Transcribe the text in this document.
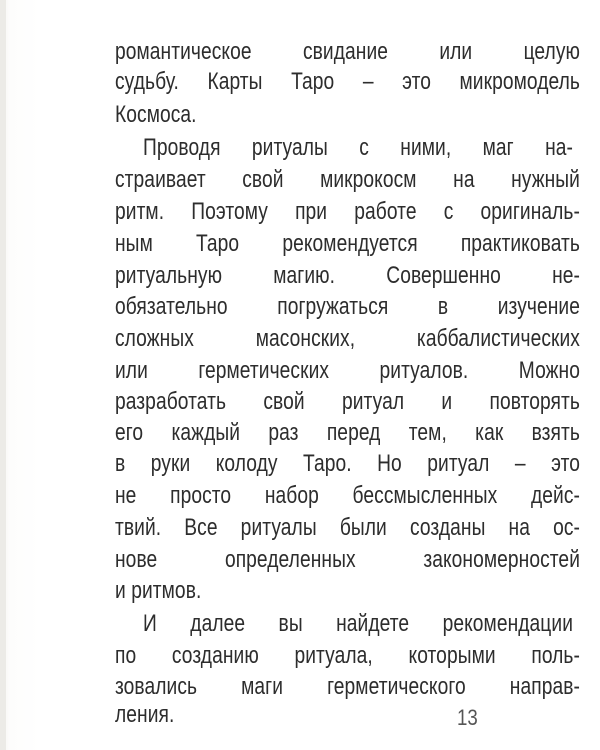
романтическое свидание или целую
судьбу. Карты Таро – это микромодель
Космоса.
Проводя ритуалы с ними, маг на-
страивает свой микрокосм на нужный
ритм. Поэтому при работе с оригиналь-
ным Таро рекомендуется практиковать
ритуальную магию. Совершенно не-
обязательно погружаться в изучение
сложных масонских, каббалистических
или герметических ритуалов. Можно
разработать свой ритуал и повторять
его каждый раз перед тем, как взять
в руки колоду Таро. Но ритуал – это
не просто набор бессмысленных дейс-
твий. Все ритуалы были созданы на ос-
нове определенных закономерностей
и ритмов.
И далее вы найдете рекомендации
по созданию ритуала, которыми поль-
зовались маги герметического направ-
ления.	13
